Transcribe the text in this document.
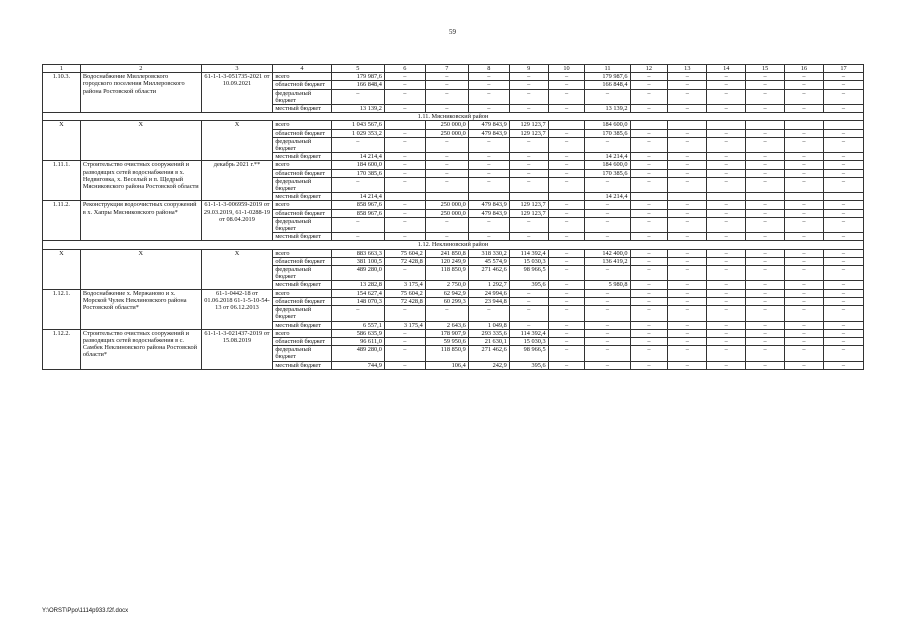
59
1	2	3	4	5	6	7	8	9	10	11	12	13	14	15	16	17
1.10.3.	Водоснабжение Миллеровского городского поселения Миллеровского района Ростовской области	61-1-1-3-051735-2021 от 10.09.2021	всего	179 987,6	–	–	–	–	–	179 987,6	–	–	–	–	–	–
			областной бюджет	166 848,4	–	–	–	–	–	166 848,4	–	–	–	–	–	–
			федеральный бюджет	–	–	–	–	–	–	–	–	–	–	–	–	–
			местный бюджет	13 139,2	–	–	–	–	–	13 139,2	–	–	–	–	–	–
1.11. Мясниковский район																
Х	Х	Х	всего	1 043 567,6		250 000,0	479 843,9	129 123,7		184 600,0						
			областной бюджет	1 029 353,2	–	250 000,0	479 843,9	129 123,7	–	170 385,6	–	–	–	–	–	–
			федеральный бюджет	–	–	–	–	–	–	–	–	–	–	–	–	–
			местный бюджет	14 214,4	–	–	–	–	–	14 214,4	–	–	–	–	–	–
1.11.1.	Строительство очистных сооружений и разводящих сетей водоснабжения в х. Недвиговка, х. Веселый и п. Щедрый Мясниковского района Ростовской области	декабрь 2021 г.**	всего	184 600,0	–	–	–	–	–	184 600,0	–	–	–	–	–	–
			областной бюджет	170 385,6	–	–	–	–	–	170 385,6	–	–	–	–	–	–
			федеральный бюджет	–	–	–	–	–	–	–	–	–	–	–	–	–
			местный бюджет	14 214,4						14 214,4						
1.11.2.	Реконструкция водоочистных сооружений в х. Хапры Мясниковского района*	61-1-1-3-006959-2019 от 29.03.2019, 61-1-0288-19 от 08.04.2019	всего	858 967,6	–	250 000,0	479 843,9	129 123,7	–	–	–	–	–	–	–	–
			областной бюджет	858 967,6	–	250 000,0	479 843,9	129 123,7	–	–	–	–	–	–	–	–
			федеральный бюджет	–	–	–	–	–	–	–	–	–	–	–	–	–
			местный бюджет	–	–	–	–	–	–	–	–	–	–	–	–	–
1.12. Неклиновский район																
Х	Х	Х	всего	883 663,3	75 604,2	241 850,8	318 330,2	114 392,4	–	142 400,0	–	–	–	–	–	–
			областной бюджет	381 100,5	72 428,8	120 249,9	45 574,9	15 030,3	–	136 419,2	–	–	–	–	–	–
			федеральный бюджет	489 280,0	–	118 850,9	271 462,6	98 966,5	–	–	–	–	–	–	–	–
			местный бюджет	13 282,8	3 175,4	2 750,0	1 292,7	395,6	–	5 980,8	–	–	–	–	–	–
1.12.1.	Водоснабжение х. Мержаново и х. Морской Чулек Неклиновского района Ростовской области*	61-1-0442-18 от 01.06.2018 61-1-5-10-54-13 от 06.12.2013	всего	154 627,4	75 604,2	62 942,9	24 994,6	–	–	–	–	–	–	–	–	–
			областной бюджет	148 070,3	72 428,8	60 299,3	23 944,8	–	–	–	–	–	–	–	–	–
			федеральный бюджет	–	–	–	–	–	–	–	–	–	–	–	–	–
			местный бюджет	6 557,1	3 175,4	2 643,6	1 049,8	–	–	–	–	–	–	–	–	–
1.12.2.	Строительство очистных сооружений и разводящих сетей водоснабжения в с. Самбек Неклиновского района Ростовской области*	61-1-1-3-021437-2019 от 15.08.2019	всего	586 635,9	–	178 907,9	293 335,6	114 392,4	–	–	–	–	–	–	–	–
			областной бюджет	96 611,0	–	59 950,6	21 630,1	15 030,3	–	–	–	–	–	–	–	–
			федеральный бюджет	489 280,0	–	118 850,9	271 462,6	98 966,5	–	–	–	–	–	–	–	–
			местный бюджет	744,9	–	106,4	242,9	395,6	–	–	–	–	–	–	–	–
Y:\ORST\Ppo\1114p933.f2f.docx
